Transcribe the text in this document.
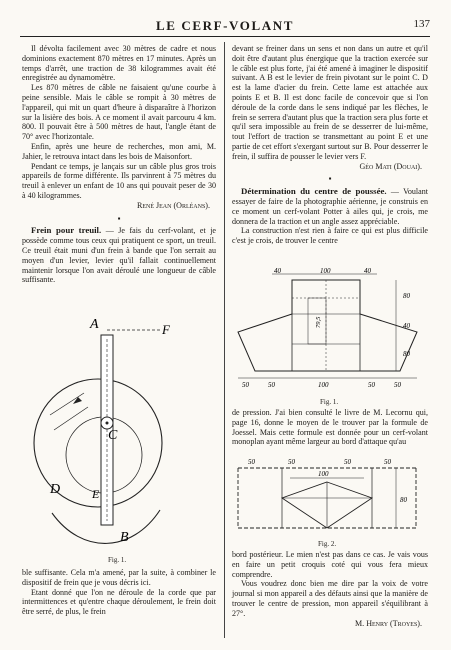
LE CERF-VOLANT	137

Il dévolta facilement avec 30 mètres de cadre et nous dominions exactement 870 mètres en 17 minutes. Après un temps d'arrêt, une traction de 38 kilogrammes avait été enregistrée au dynamomètre.

Les 870 mètres de câble ne faisaient qu'une courbe à peine sensible. Mais le câble se rompit à 30 mètres de l'appareil, qui mit un quart d'heure à disparaître à l'horizon sur la lisière des bois. A ce moment il avait parcouru 4 km. 800. Il pouvait être à 500 mètres de haut, l'angle étant de 70° avec l'horizontale.

Enfin, après une heure de recherches, mon ami, M. Jahier, le retrouva intact dans les bois de Maisonfort.

Pendant ce temps, je lançais sur un câble plus gros trois appareils de forme différente. Ils parvinrent à 75 mètres du treuil à enlever un enfant de 10 ans qui pouvait peser de 30 à 40 kilogrammes.

René Jean (Orléans).

▪

Frein pour treuil. — Je fais du cerf-volant, et je possède comme tous ceux qui pratiquent ce sport, un treuil. Ce treuil était muni d'un frein à bande que l'on serrait au moyen d'un levier, levier qu'il fallait continuellement maintenir lorsque l'on avait déroulé une longueur de câble suffisante.

A	F
C
D	E
B
Fig. 1.

ble suffisante. Cela m'a amené, par la suite, à combiner le dispositif de frein que je vous décris ici.

Etant donné que l'on ne déroule de la corde que par intermittences et qu'entre chaque déroulement, le frein doit être serré, de plus, le frein

devant se freiner dans un sens et non dans un autre et qu'il doit être d'autant plus énergique que la traction exercée sur le câble est plus forte, j'ai été amené à imaginer le dispositif suivant. A B est le levier de frein pivotant sur le point C. D est la lame d'acier du frein. Cette lame est attachée aux points E et B. Il est donc facile de concevoir que si l'on déroule de la corde dans le sens indiqué par les flèches, le frein se serrera d'autant plus que la traction sera plus forte et qu'il sera impossible au frein de se desserrer de lui-même, tout l'effort de traction se transmettant au point E et une partie de cet effort s'exergant surtout sur B. Pour desserrer le frein, il suffira de pousser le levier vers F.

Géo Mati (Douai).

▪

Détermination du centre de poussée. — Voulant essayer de faire de la photographie aérienne, je construis en ce moment un cerf-volant Potter à ailes qui, je crois, me donnera de la traction et un angle assez appréciable.

La construction n'est rien à faire ce qui est plus difficile c'est je crois, de trouver le centre

40	100	40
80
40
80
79,5
50	50	100	50	50
Fig. 1.

de pression. J'ai bien consulté le livre de M. Lecornu qui, page 16, donne le moyen de le trouver par la formule de Joessel. Mais cette formule est donnée pour un cerf-volant monoplan ayant même largeur au bord d'attaque qu'au

50	50	50	50
100
80
Fig. 2.

bord postérieur. Le mien n'est pas dans ce cas. Je vais vous en faire un petit croquis coté qui vous fera mieux comprendre.

Vous voudrez donc bien me dire par la voix de votre journal si mon appareil a des défauts ainsi que la manière de trouver le centre de pression, mon appareil s'équilibrant à 27°.

M. Henry (Troyes).
